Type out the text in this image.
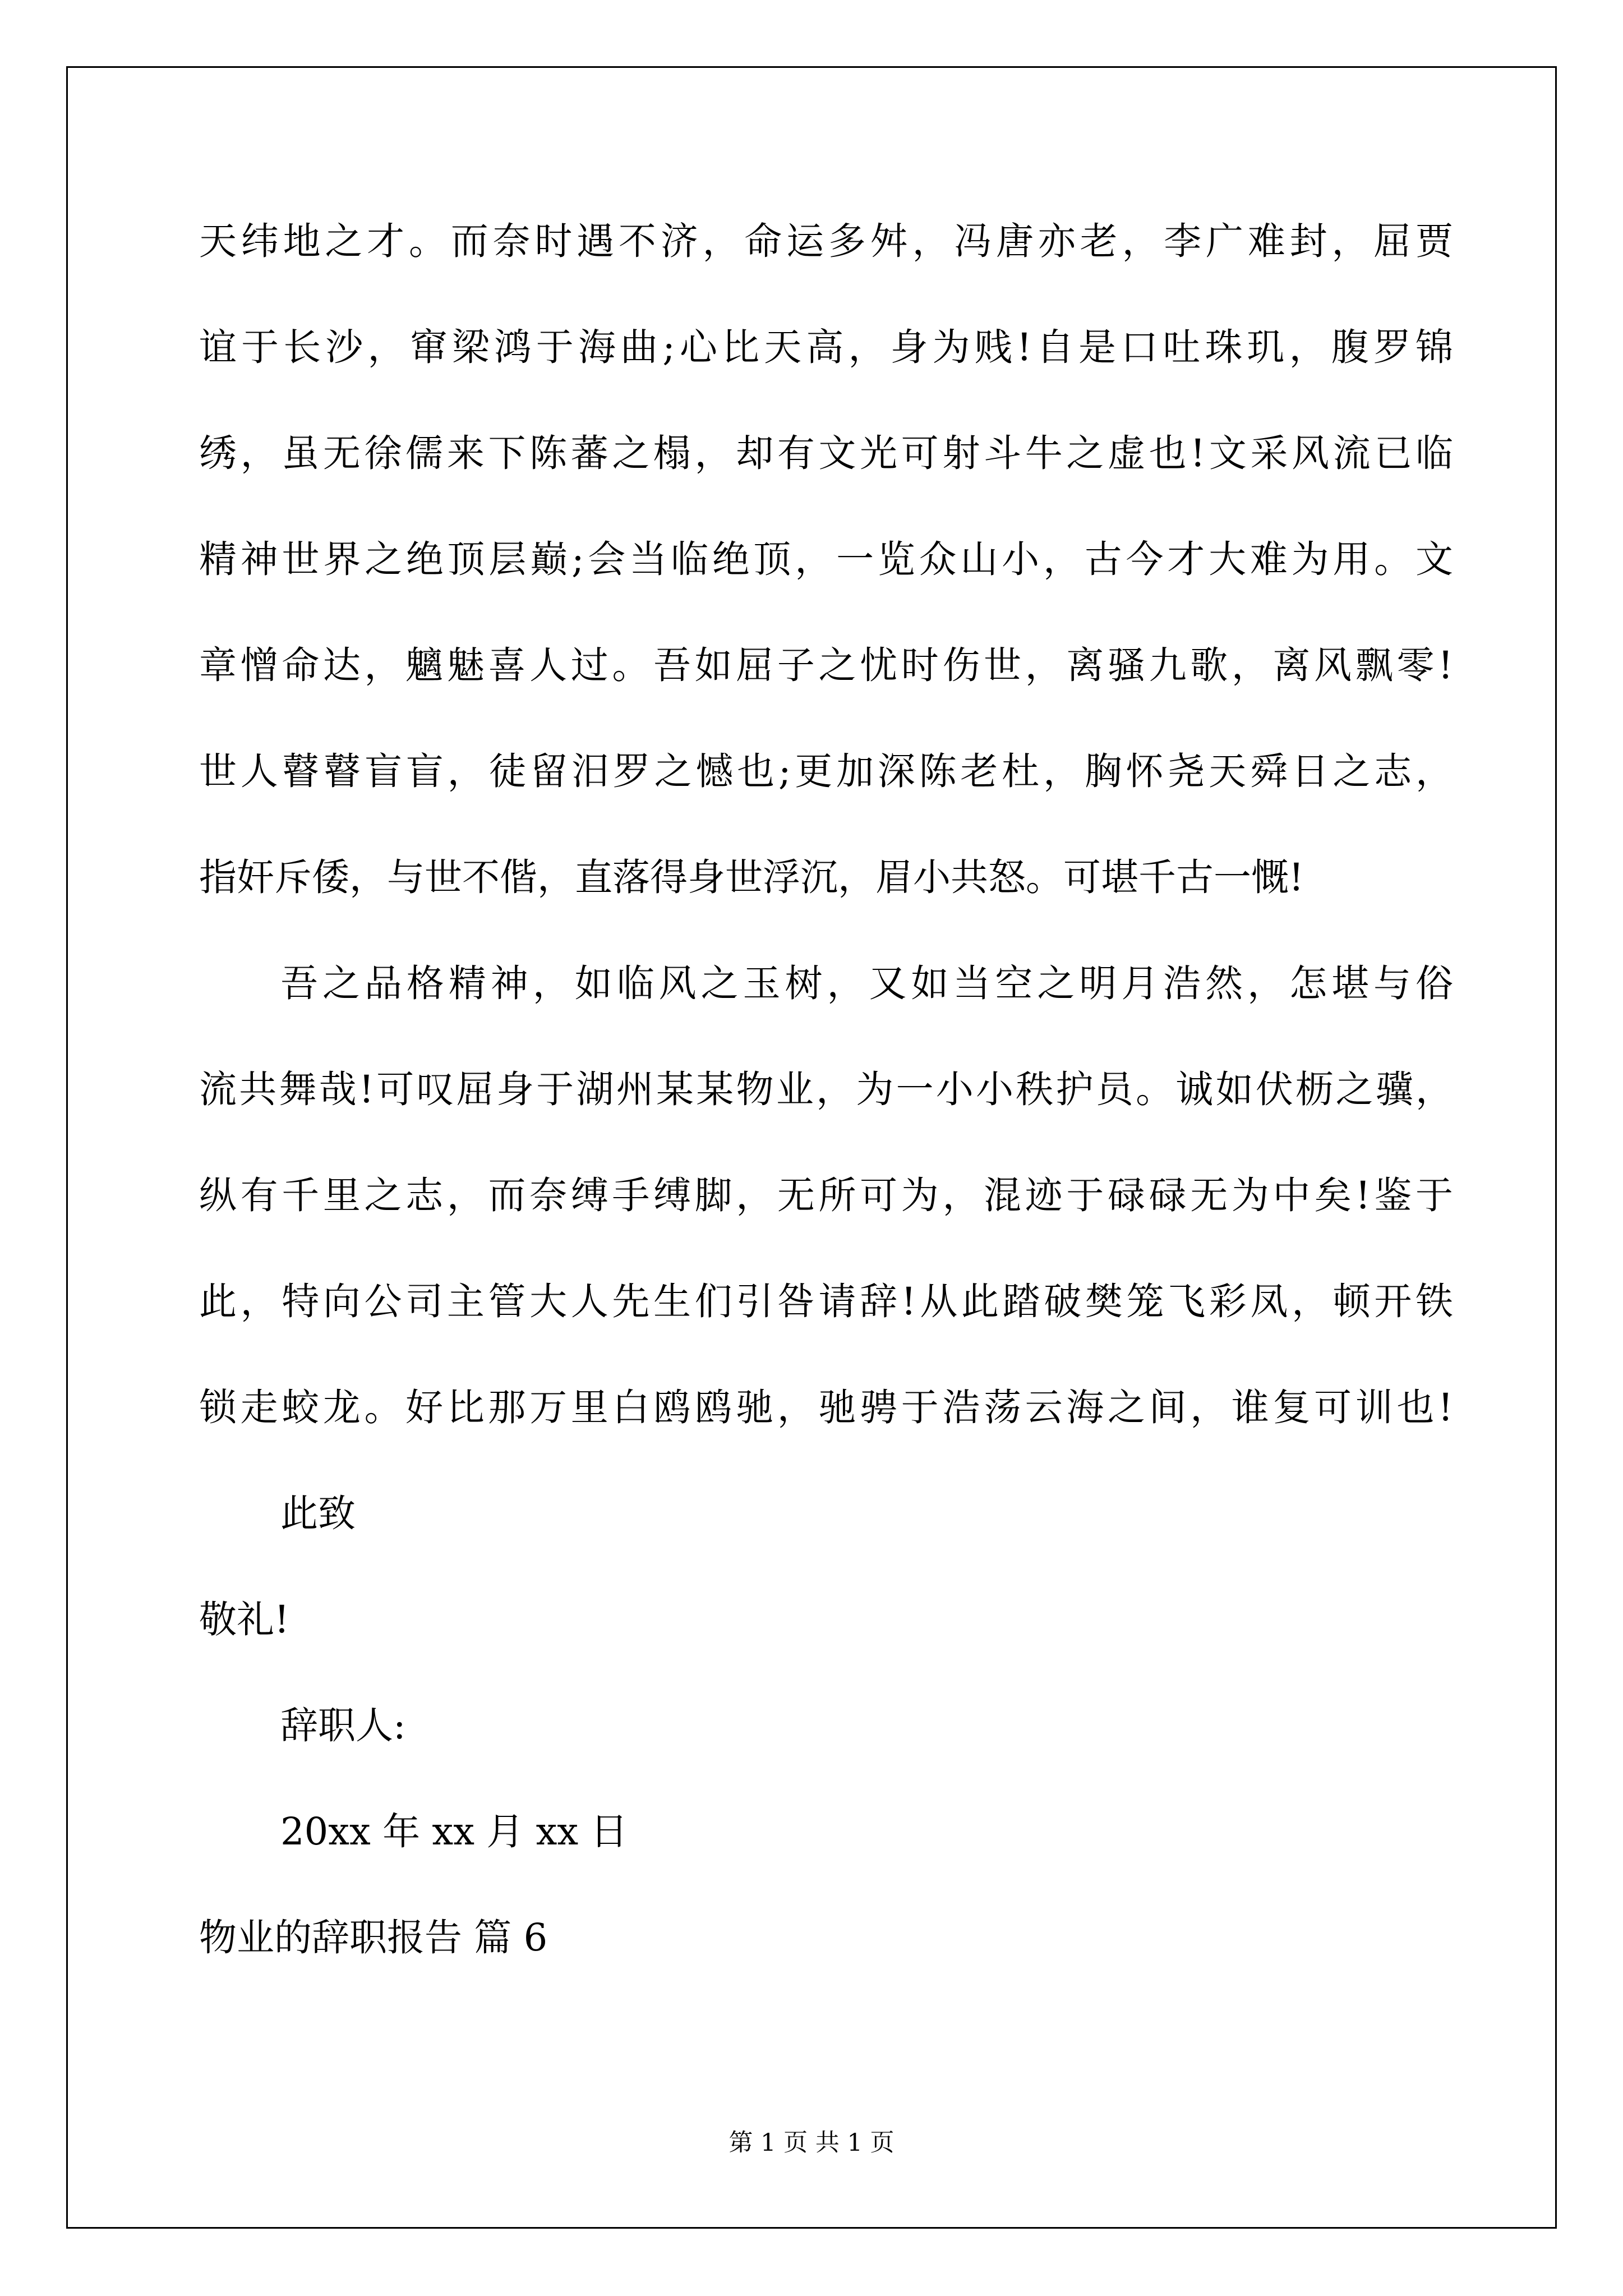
天纬地之才。而奈时遇不济，命运多舛，冯唐亦老，李广难封，屈贾
谊于长沙，窜梁鸿于海曲;心比天高，身为贱!自是口吐珠玑，腹罗锦
绣，虽无徐儒来下陈蕃之榻，却有文光可射斗牛之虚也!文采风流已临
精神世界之绝顶层巅;会当临绝顶，一览众山小，古今才大难为用。文
章憎命达，魑魅喜人过。吾如屈子之忧时伤世，离骚九歌，离风飘零!
世人瞽瞽盲盲，徒留汨罗之憾也;更加深陈老杜，胸怀尧天舜日之志，
指奸斥倭，与世不偕，直落得身世浮沉，眉小共怒。可堪千古一慨!
吾之品格精神，如临风之玉树，又如当空之明月浩然，怎堪与俗
流共舞哉!可叹屈身于湖州某某物业，为一小小秩护员。诚如伏枥之骥，
纵有千里之志，而奈缚手缚脚，无所可为，混迹于碌碌无为中矣!鉴于
此，特向公司主管大人先生们引咎请辞!从此踏破樊笼飞彩凤，顿开铁
锁走蛟龙。好比那万里白鸥鸥驰，驰骋于浩荡云海之间，谁复可训也!
此致
敬礼!
辞职人:
20xx 年 xx 月 xx 日
物业的辞职报告 篇 6
第 1 页 共 1 页
